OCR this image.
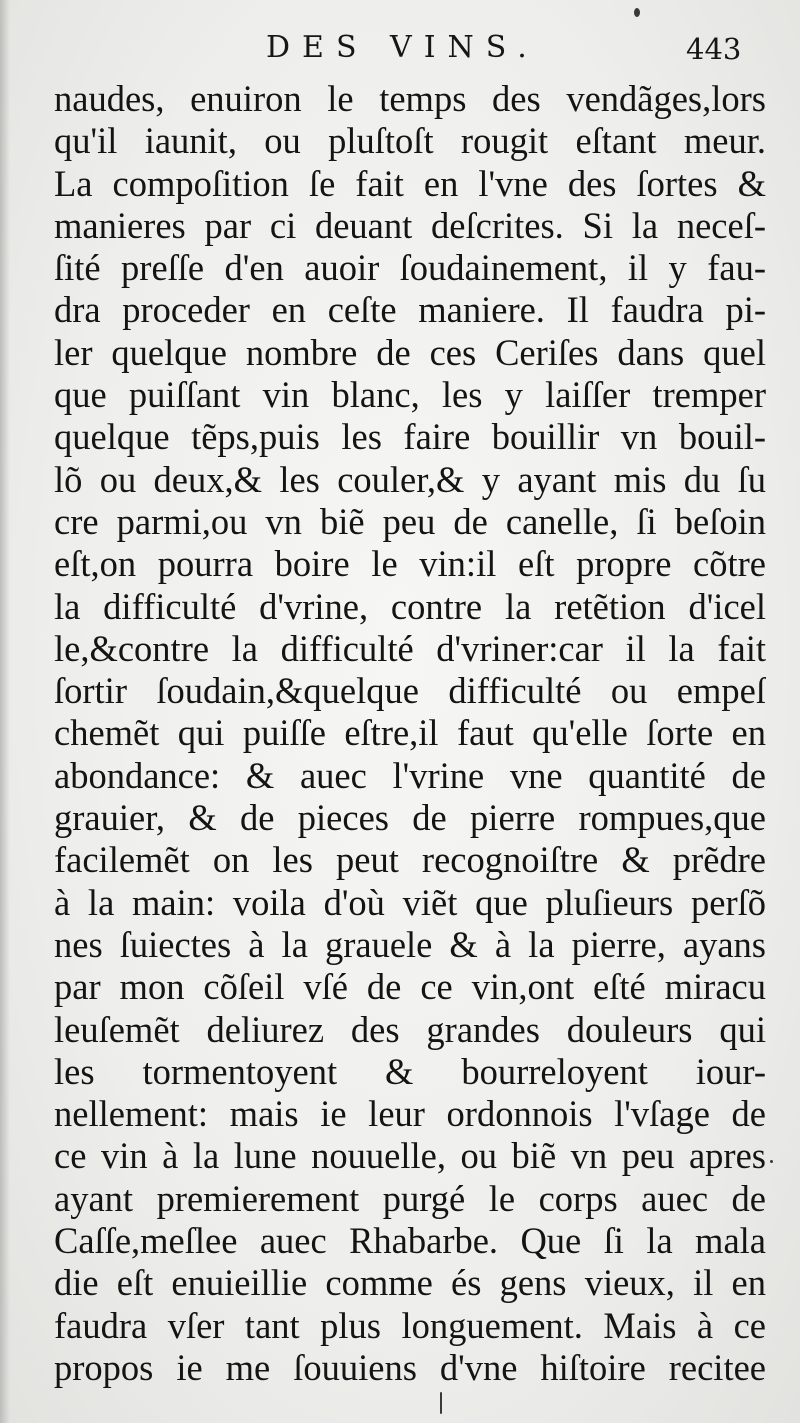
DES VINS.	443
naudes, enuiron le temps des vendãges,lors
qu'il iaunit, ou pluſtoſt rougit eſtant meur.
La compoſition ſe fait en l'vne des ſortes &
manieres par ci deuant deſcrites. Si la neceſ-
ſité preſſe d'en auoir ſoudainement, il y fau-
dra proceder en ceſte maniere. Il faudra pi-
ler quelque nombre de ces Ceriſes dans quel
que puiſſant vin blanc, les y laiſſer tremper
quelque tẽps,puis les faire bouillir vn bouil-
lõ ou deux,& les couler,& y ayant mis du ſu
cre parmi,ou vn biẽ peu de canelle, ſi beſoin
eſt,on pourra boire le vin:il eſt propre cõtre
la difficulté d'vrine, contre la retẽtion d'icel
le,&contre la difficulté d'vriner:car il la fait
ſortir ſoudain,&quelque difficulté ou empeſ
chemẽt qui puiſſe eſtre,il faut qu'elle ſorte en
abondance: & auec l'vrine vne quantité de
grauier, & de pieces de pierre rompues,que
facilemẽt on les peut recognoiſtre & prẽdre
à la main: voila d'où viẽt que pluſieurs perſõ
nes ſuiectes à la grauele & à la pierre, ayans
par mon cõſeil vſé de ce vin,ont eſté miracu
leuſemẽt deliurez des grandes douleurs qui
les tormentoyent & bourreloyent iour-
nellement: mais ie leur ordonnois l'vſage de
ce vin à la lune nouuelle, ou biẽ vn peu apres
ayant premierement purgé le corps auec de
Caſſe,meſlee auec Rhabarbe. Que ſi la mala
die eſt enuieillie comme és gens vieux, il en
faudra vſer tant plus longuement. Mais à ce
propos ie me ſouuiens d'vne hiſtoire recitee
